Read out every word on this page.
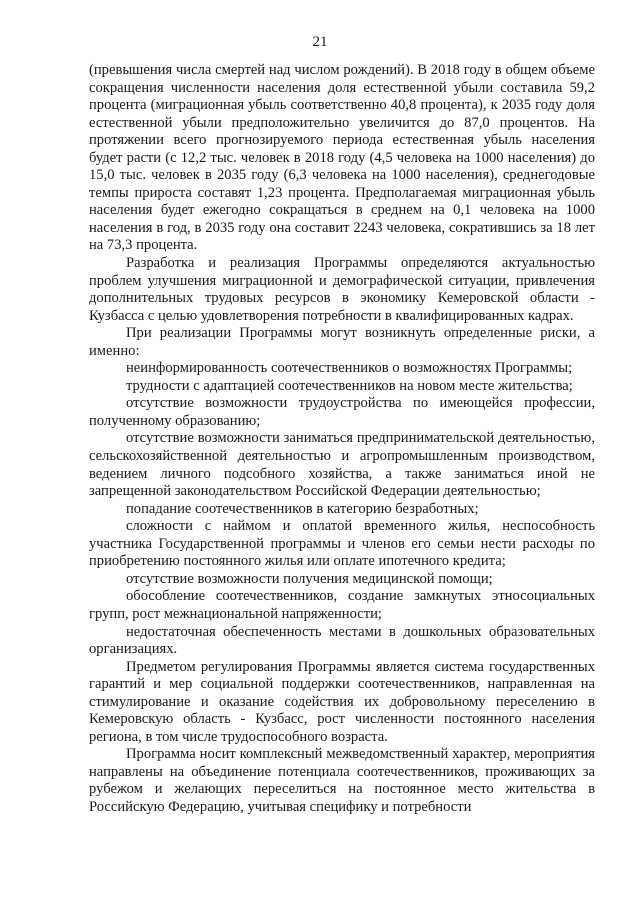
21

(превышения числа смертей над числом рождений). В 2018 году в общем объеме сокращения численности населения доля естественной убыли составила 59,2 процента (миграционная убыль соответственно 40,8 процента), к 2035 году доля естественной убыли предположительно увеличится до 87,0 процентов. На протяжении всего прогнозируемого периода естественная убыль населения будет расти (с 12,2 тыс. человек в 2018 году (4,5 человека на 1000 населения) до 15,0 тыс. человек в 2035 году (6,3 человека на 1000 населения), среднегодовые темпы прироста составят 1,23 процента. Предполагаемая миграционная убыль населения будет ежегодно сокращаться в среднем на 0,1 человека на 1000 населения в год, в 2035 году она составит 2243 человека, сократившись за 18 лет на 73,3 процента.

Разработка и реализация Программы определяются актуальностью проблем улучшения миграционной и демографической ситуации, привлечения дополнительных трудовых ресурсов в экономику Кемеровской области - Кузбасса с целью удовлетворения потребности в квалифицированных кадрах.

При реализации Программы могут возникнуть определенные риски, а именно:

неинформированность соотечественников о возможностях Программы;

трудности с адаптацией соотечественников на новом месте жительства;

отсутствие возможности трудоустройства по имеющейся профессии, полученному образованию;

отсутствие возможности заниматься предпринимательской деятельностью, сельскохозяйственной деятельностью и агропромышленным производством, ведением личного подсобного хозяйства, а также заниматься иной не запрещенной законодательством Российской Федерации деятельностью;

попадание соотечественников в категорию безработных;

сложности с наймом и оплатой временного жилья, неспособность участника Государственной программы и членов его семьи нести расходы по приобретению постоянного жилья или оплате ипотечного кредита;

отсутствие возможности получения медицинской помощи;

обособление соотечественников, создание замкнутых этносоциальных групп, рост межнациональной напряженности;

недостаточная обеспеченность местами в дошкольных образовательных организациях.

Предметом регулирования Программы является система государственных гарантий и мер социальной поддержки соотечественников, направленная на стимулирование и оказание содействия их добровольному переселению в Кемеровскую область - Кузбасс, рост численности постоянного населения региона, в том числе трудоспособного возраста.

Программа носит комплексный межведомственный характер, мероприятия направлены на объединение потенциала соотечественников, проживающих за рубежом и желающих переселиться на постоянное место жительства в Российскую Федерацию, учитывая специфику и потребности
